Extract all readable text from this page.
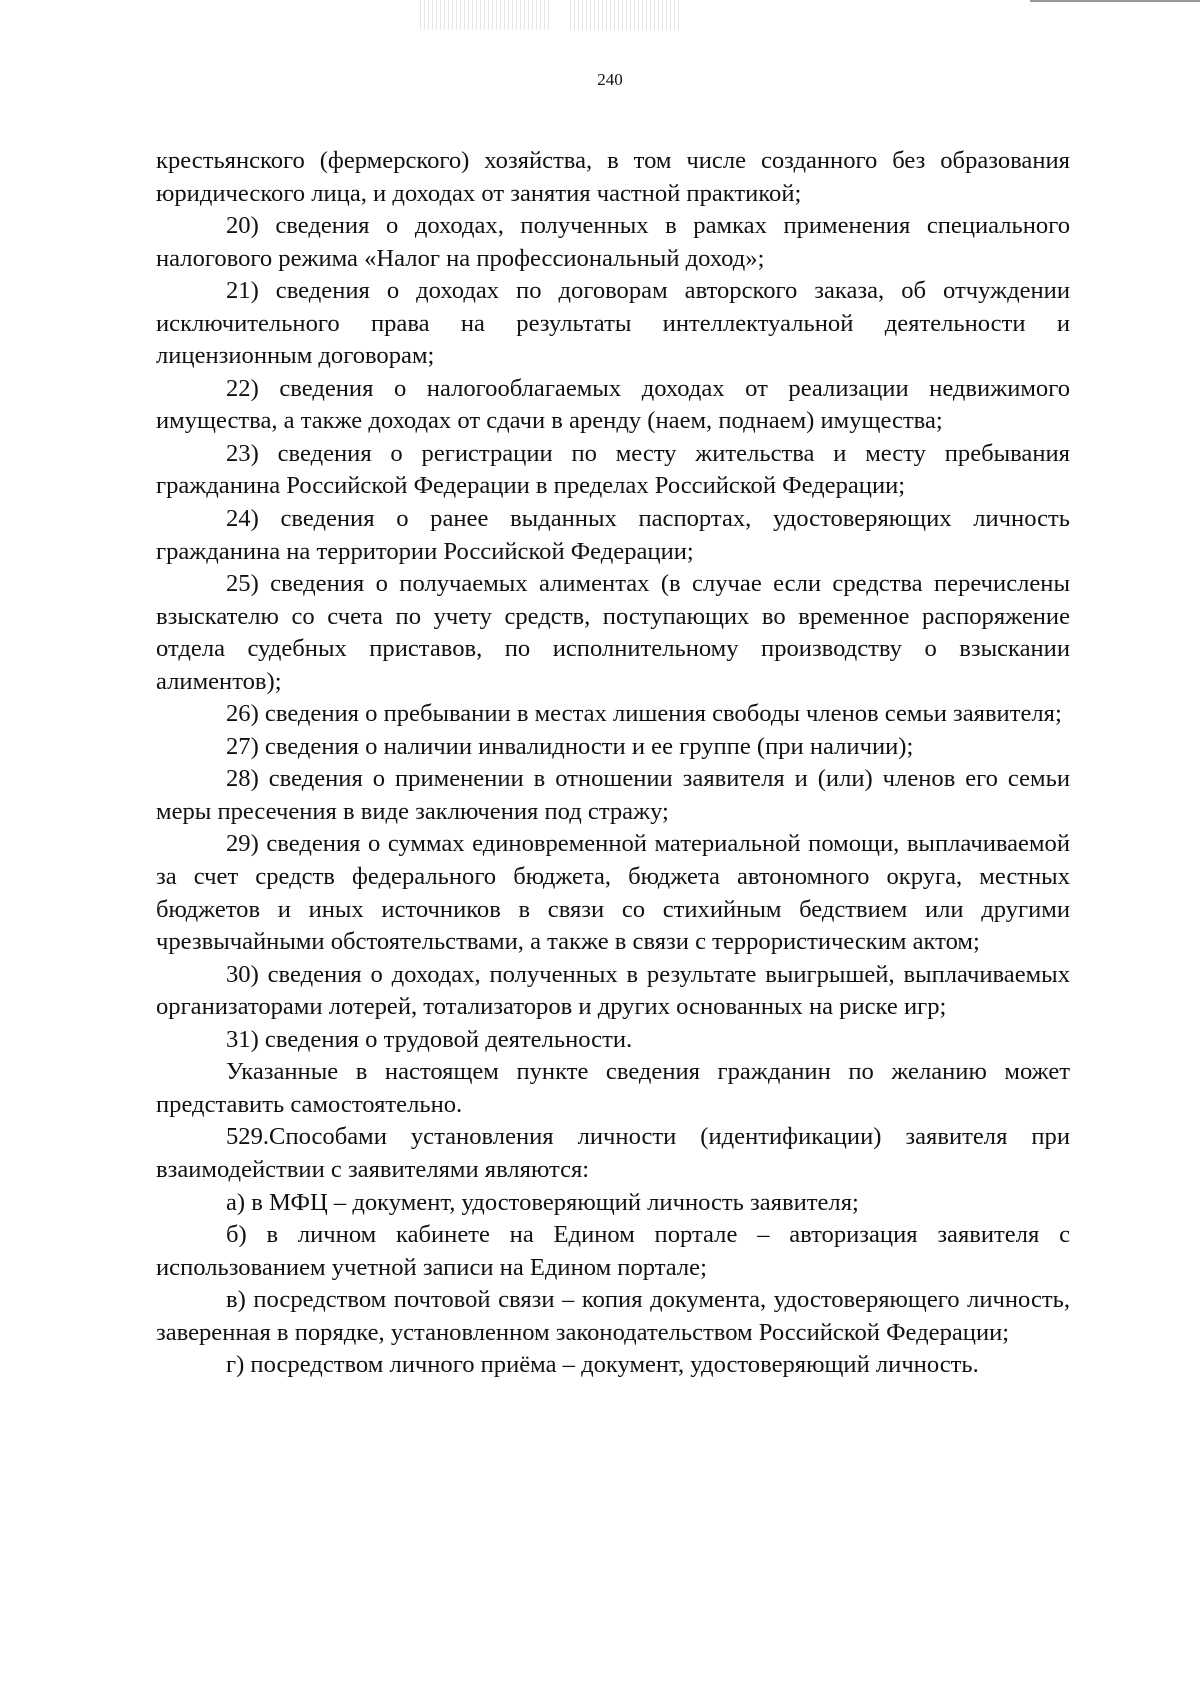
240

крестьянского (фермерского) хозяйства, в том числе созданного без образования юридического лица, и доходах от занятия частной практикой;

20) сведения о доходах, полученных в рамках применения специального налогового режима «Налог на профессиональный доход»;

21) сведения о доходах по договорам авторского заказа, об отчуждении исключительного права на результаты интеллектуальной деятельности и лицензионным договорам;

22) сведения о налогооблагаемых доходах от реализации недвижимого имущества, а также доходах от сдачи в аренду (наем, поднаем) имущества;

23) сведения о регистрации по месту жительства и месту пребывания гражданина Российской Федерации в пределах Российской Федерации;

24) сведения о ранее выданных паспортах, удостоверяющих личность гражданина на территории Российской Федерации;

25) сведения о получаемых алиментах (в случае если средства перечислены взыскателю со счета по учету средств, поступающих во временное распоряжение отдела судебных приставов, по исполнительному производству о взыскании алиментов);

26) сведения о пребывании в местах лишения свободы членов семьи заявителя;

27) сведения о наличии инвалидности и ее группе (при наличии);

28) сведения о применении в отношении заявителя и (или) членов его семьи меры пресечения в виде заключения под стражу;

29) сведения о суммах единовременной материальной помощи, выплачиваемой за счет средств федерального бюджета, бюджета автономного округа, местных бюджетов и иных источников в связи со стихийным бедствием или другими чрезвычайными обстоятельствами, а также в связи с террористическим актом;

30) сведения о доходах, полученных в результате выигрышей, выплачиваемых организаторами лотерей, тотализаторов и других основанных на риске игр;

31) сведения о трудовой деятельности.

Указанные в настоящем пункте сведения гражданин по желанию может представить самостоятельно.

529.Способами установления личности (идентификации) заявителя при взаимодействии с заявителями являются:

а) в МФЦ – документ, удостоверяющий личность заявителя;

б) в личном кабинете на Едином портале – авторизация заявителя с использованием учетной записи на Едином портале;

в) посредством почтовой связи – копия документа, удостоверяющего личность, заверенная в порядке, установленном законодательством Российской Федерации;

г) посредством личного приёма – документ, удостоверяющий личность.
